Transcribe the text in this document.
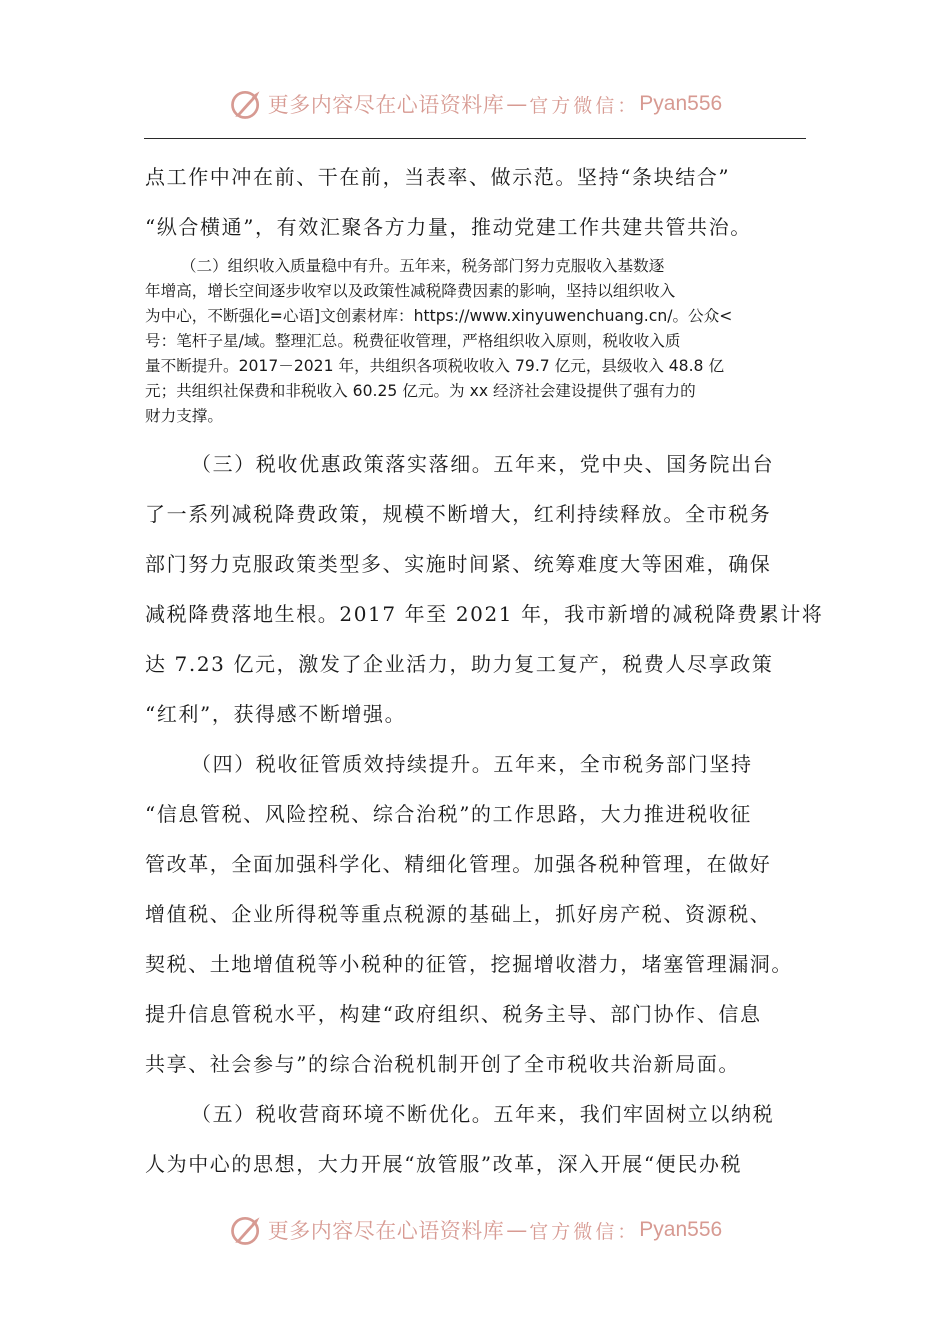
更多内容尽在心语资料库 — 官方微信： Pyan556
点工作中冲在前、干在前，当表率、做示范。坚持“条块结合”
“纵合横通”，有效汇聚各方力量，推动党建工作共建共管共治。
（二）组织收入质量稳中有升。五年来，税务部门努力克服收入基数逐
年增高，增长空间逐步收窄以及政策性减税降费因素的影响，坚持以组织收入
为中心，不断强化=心语]文创素材库：https://www.xinyuwenchuang.cn/。公众<
号：笔杆子星/域。整理汇总。税费征收管理，严格组织收入原则，税收收入质
量不断提升。2017－2021 年，共组织各项税收收入 79.7 亿元，县级收入 48.8 亿
元；共组织社保费和非税收入 60.25 亿元。为 xx 经济社会建设提供了强有力的
财力支撑。
（三）税收优惠政策落实落细。五年来，党中央、国务院出台
了一系列减税降费政策，规模不断增大，红利持续释放。全市税务
部门努力克服政策类型多、实施时间紧、统筹难度大等困难，确保
减税降费落地生根。2017 年至 2021 年，我市新增的减税降费累计将
达 7.23 亿元，激发了企业活力，助力复工复产，税费人尽享政策
“红利”，获得感不断增强。
（四）税收征管质效持续提升。五年来，全市税务部门坚持
“信息管税、风险控税、综合治税”的工作思路，大力推进税收征
管改革，全面加强科学化、精细化管理。加强各税种管理，在做好
增值税、企业所得税等重点税源的基础上，抓好房产税、资源税、
契税、土地增值税等小税种的征管，挖掘增收潜力，堵塞管理漏洞。
提升信息管税水平，构建“政府组织、税务主导、部门协作、信息
共享、社会参与”的综合治税机制开创了全市税收共治新局面。
（五）税收营商环境不断优化。五年来，我们牢固树立以纳税
人为中心的思想，大力开展“放管服”改革，深入开展“便民办税
更多内容尽在心语资料库 — 官方微信： Pyan556
